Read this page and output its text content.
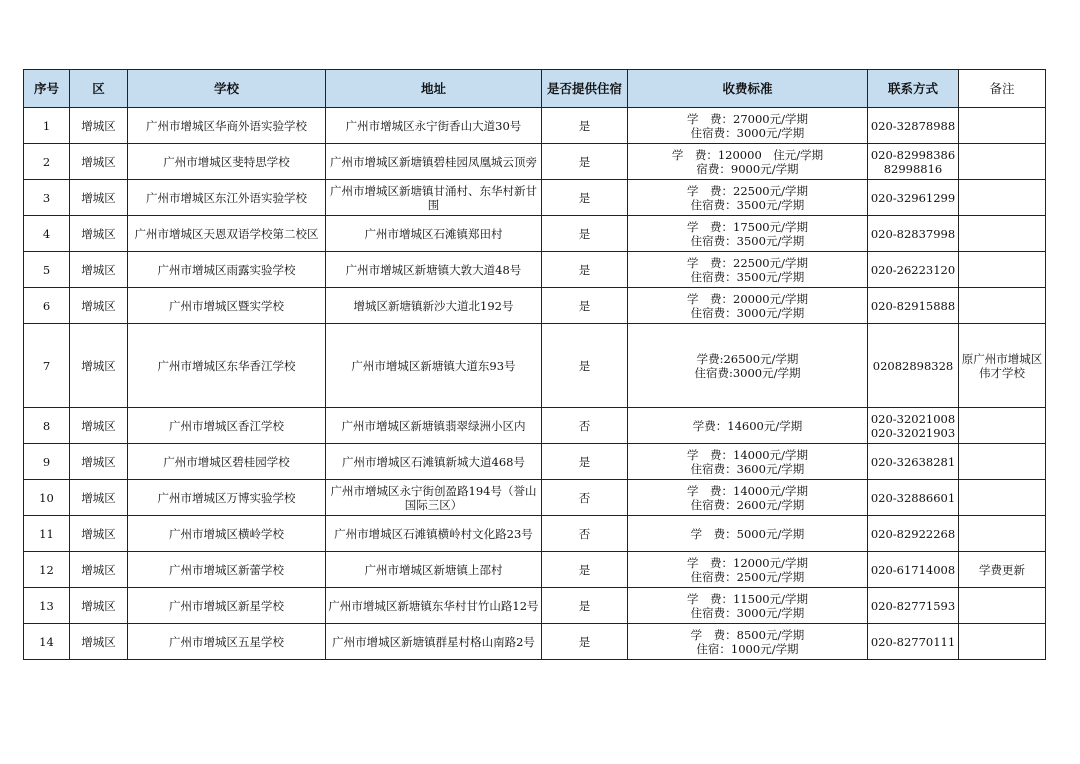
序号	区	学校	地址	是否提供住宿	收费标准	联系方式	备注
1	增城区	广州市增城区华商外语实验学校	广州市增城区永宁街香山大道30号	是	学　费：27000元/学期
住宿费：3000元/学期	020-32878988	

2	增城区	广州市增城区斐特思学校	广州市增城区新塘镇碧桂园凤凰城云顶旁	是	学　费：120000　住元/学期
宿费：9000元/学期	020-82998386
82998816	

3	增城区	广州市增城区东江外语实验学校	广州市增城区新塘镇甘涌村、东华村新甘围	是	学　费：22500元/学期
住宿费：3500元/学期	020-32961299	

4	增城区	广州市增城区天恩双语学校第二校区	广州市增城区石滩镇郑田村	是	学　费：17500元/学期
住宿费：3500元/学期	020-82837998	

5	增城区	广州市增城区雨露实验学校	广州市增城区新塘镇大敦大道48号	是	学　费：22500元/学期
住宿费：3500元/学期	020-26223120	

6	增城区	广州市增城区暨实学校	增城区新塘镇新沙大道北192号	是	学　费：20000元/学期
住宿费：3000元/学期	020-82915888	

7	增城区	广州市增城区东华香江学校	广州市增城区新塘镇大道东93号	是	学费:26500元/学期
住宿费:3000元/学期	02082898328	原广州市增城区伟才学校
8	增城区	广州市增城区香江学校	广州市增城区新塘镇翡翠绿洲小区内	否	学费：14600元/学期	020-32021008
020-32021903	

9	增城区	广州市增城区碧桂园学校	广州市增城区石滩镇新城大道468号	是	学　费：14000元/学期
住宿费：3600元/学期	020-32638281	

10	增城区	广州市增城区万博实验学校	广州市增城区永宁街创盈路194号（誉山国际三区）	否	学　费：14000元/学期
住宿费：2600元/学期	020-32886601	

11	增城区	广州市增城区横岭学校	广州市增城区石滩镇横岭村文化路23号	否	学　费：5000元/学期	020-82922268	

12	增城区	广州市增城区新蕾学校	广州市增城区新塘镇上邵村	是	学　费：12000元/学期
住宿费：2500元/学期	020-61714008	学费更新
13	增城区	广州市增城区新星学校	广州市增城区新塘镇东华村甘竹山路12号	是	学　费：11500元/学期
住宿费：3000元/学期	020-82771593	

14	增城区	广州市增城区五星学校	广州市增城区新塘镇群星村格山南路2号	是	学　费：8500元/学期
住宿：1000元/学期	020-82770111	
